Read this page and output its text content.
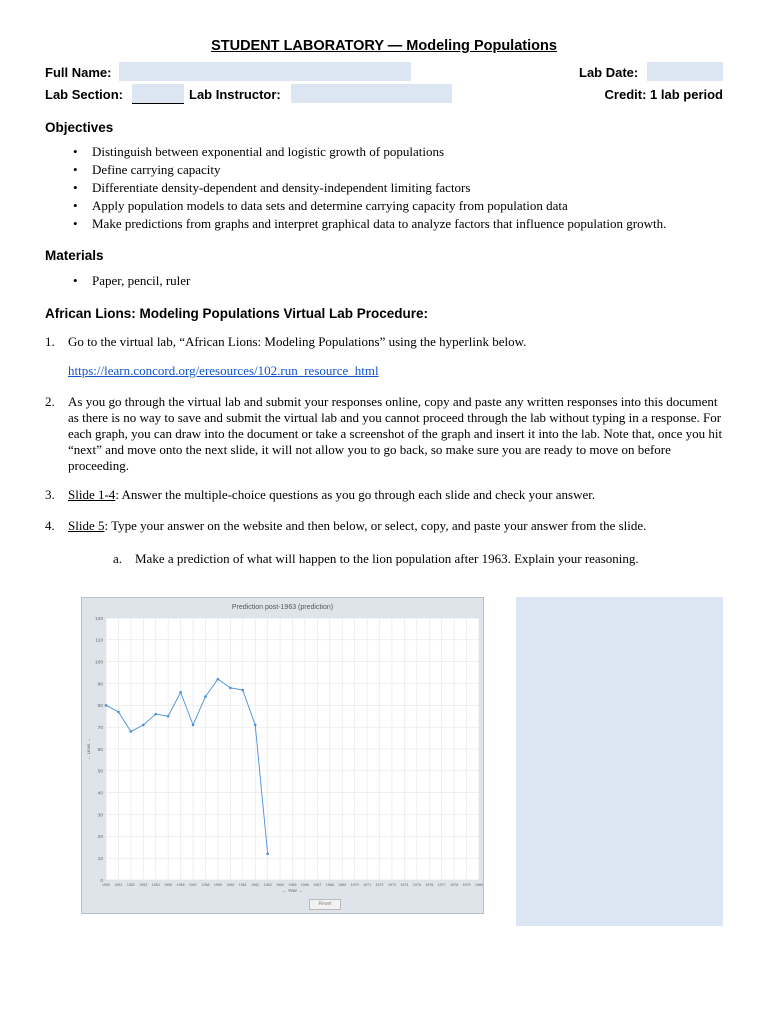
STUDENT LABORATORY — Modeling Populations
Full Name:	Lab Date:
Lab Section:	Lab Instructor:	Credit: 1 lab period
Objectives
• Distinguish between exponential and logistic growth of populations
• Define carrying capacity
• Differentiate density-dependent and density-independent limiting factors
• Apply population models to data sets and determine carrying capacity from population data
• Make predictions from graphs and interpret graphical data to analyze factors that influence population growth.
Materials
• Paper, pencil, ruler
African Lions: Modeling Populations Virtual Lab Procedure:
1. Go to the virtual lab, “African Lions: Modeling Populations” using the hyperlink below.
https://learn.concord.org/eresources/102.run_resource_html
2. As you go through the virtual lab and submit your responses online, copy and paste any written responses into this document as there is no way to save and submit the virtual lab and you cannot proceed through the lab without typing in a response. For each graph, you can draw into the document or take a screenshot of the graph and insert it into the lab. Note that, once you hit “next” and move onto the next slide, it will not allow you to go back, so make sure you are ready to move on before proceeding.
3. Slide 1-4: Answer the multiple-choice questions as you go through each slide and check your answer.
4. Slide 5: Type your answer on the website and then below, or select, copy, and paste your answer from the slide.
a. Make a prediction of what will happen to the lion population after 1963. Explain your reasoning.
Prediction post-1963 (prediction)
0
10
20
30
40
50
60
70
80
90
100
110
120
1950 1951 1952 1953 1954 1955 1956 1957 1958 1959 1960 1961 1962 1963 1964 1965 1966 1967 1968 1969 1970 1971 1972 1973 1974 1975 1976 1977 1978 1979 1980
← Year →
← Lions →
Reset
